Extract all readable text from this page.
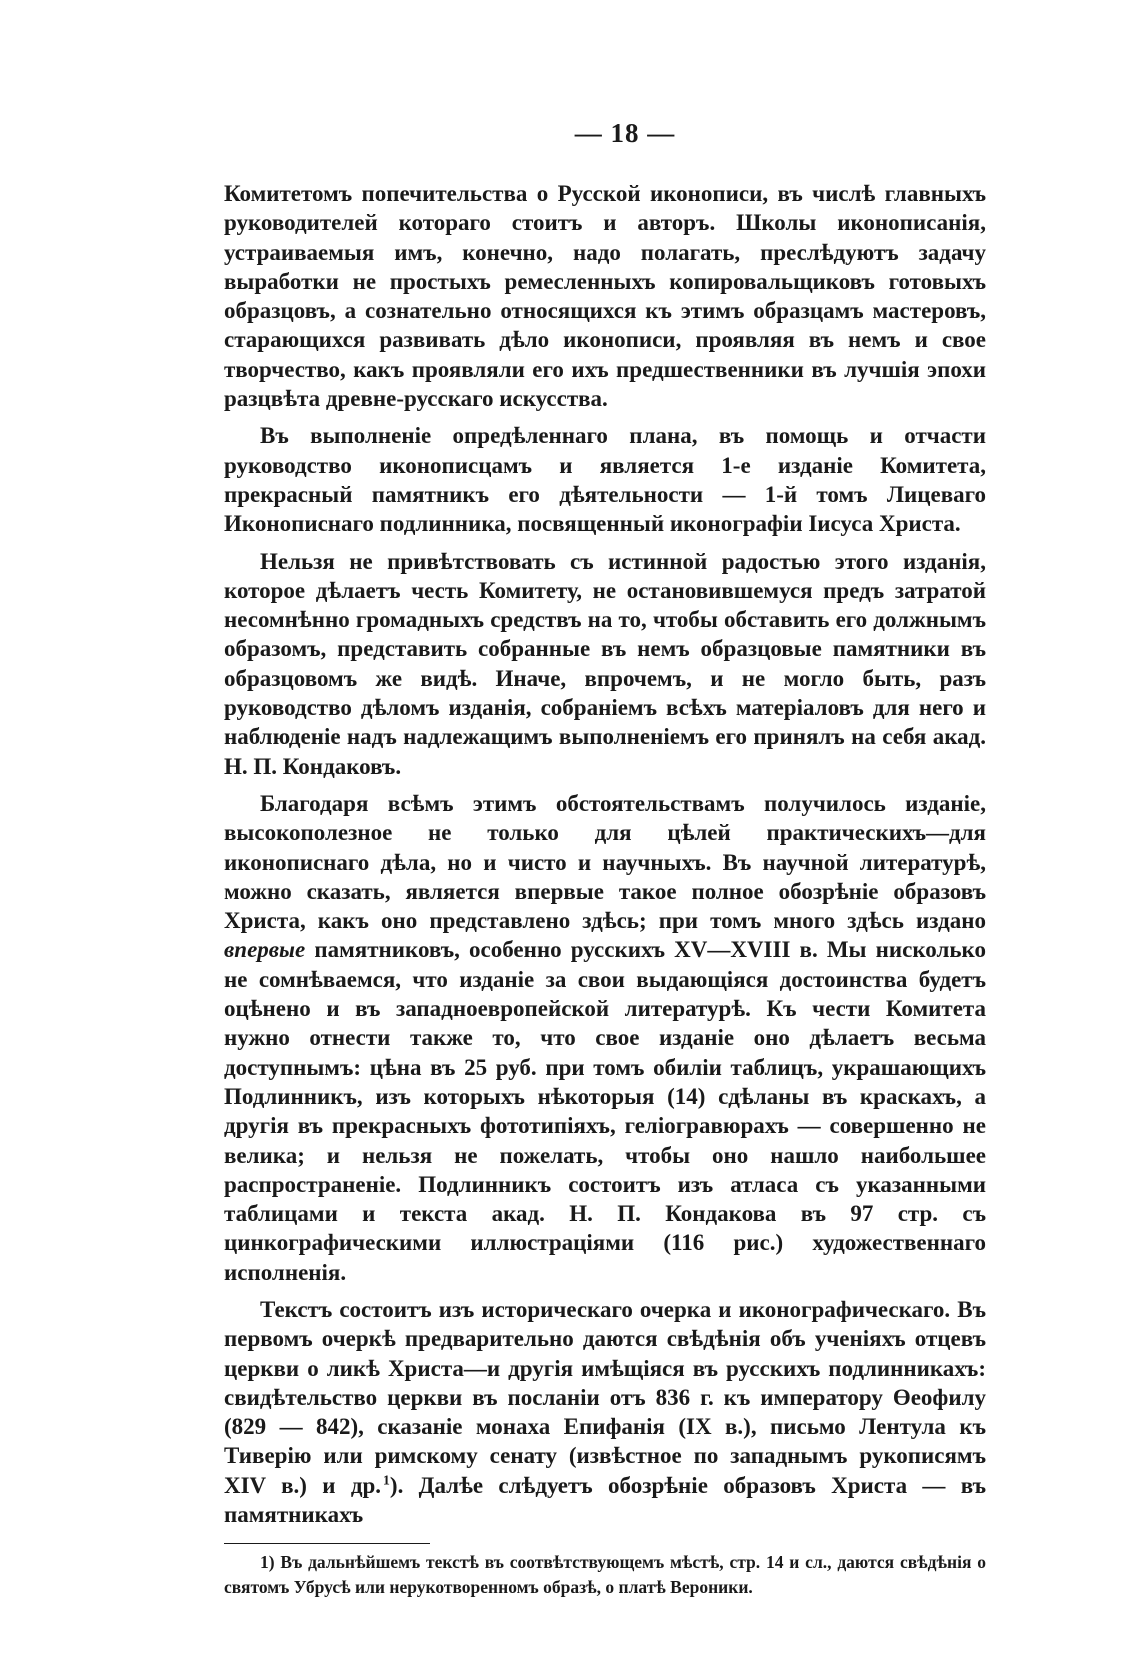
— 18 —

Комитетомъ попечительства о Русской иконописи, въ числѣ главныхъ руководителей котораго стоитъ и авторъ. Школы иконописанія, устраиваемыя имъ, конечно, надо полагать, преслѣдуютъ задачу выработки не простыхъ ремесленныхъ копировальщиковъ готовыхъ образцовъ, а сознательно относящихся къ этимъ образцамъ мастеровъ, старающихся развивать дѣло иконописи, проявляя въ немъ и свое творчество, какъ проявляли его ихъ предшественники въ лучшія эпохи разцвѣта древне-русскаго искусства.

Въ выполненіе опредѣленнаго плана, въ помощь и отчасти руководство иконописцамъ и является 1-е изданіе Комитета, прекрасный памятникъ его дѣятельности — 1-й томъ Лицеваго Иконописнаго подлинника, посвященный иконографіи Іисуса Христа.

Нельзя не привѣтствовать съ истинной радостью этого изданія, которое дѣлаетъ честь Комитету, не остановившемуся предъ затратой несомнѣнно громадныхъ средствъ на то, чтобы обставить его должнымъ образомъ, представить собранные въ немъ образцовые памятники въ образцовомъ же видѣ. Иначе, впрочемъ, и не могло быть, разъ руководство дѣломъ изданія, собраніемъ всѣхъ матеріаловъ для него и наблюденіе надъ надлежащимъ выполненіемъ его принялъ на себя акад. Н. П. Кондаковъ.

Благодаря всѣмъ этимъ обстоятельствамъ получилось изданіе, высокополезное не только для цѣлей практическихъ—для иконописнаго дѣла, но и чисто и научныхъ. Въ научной литературѣ, можно сказать, является впервые такое полное обозрѣніе образовъ Христа, какъ оно представлено здѣсь; при томъ много здѣсь издано впервые памятниковъ, особенно русскихъ XV—XVIII в. Мы нисколько не сомнѣваемся, что изданіе за свои выдающіяся достоинства будетъ оцѣнено и въ западноевропейской литературѣ. Къ чести Комитета нужно отнести также то, что свое изданіе оно дѣлаетъ весьма доступнымъ: цѣна въ 25 руб. при томъ обиліи таблицъ, украшающихъ Подлинникъ, изъ которыхъ нѣкоторыя (14) сдѣланы въ краскахъ, а другія въ прекрасныхъ фототипіяхъ, геліогравюрахъ — совершенно не велика; и нельзя не пожелать, чтобы оно нашло наибольшее распространеніе. Подлинникъ состоитъ изъ атласа съ указанными таблицами и текста акад. Н. П. Кондакова въ 97 стр. съ цинкографическими иллюстраціями (116 рис.) художественнаго исполненія.

Текстъ состоитъ изъ историческаго очерка и иконографическаго. Въ первомъ очеркѣ предварительно даются свѣдѣнія объ ученіяхъ отцевъ церкви о ликѣ Христа—и другія имѣщіяся въ русскихъ подлинникахъ: свидѣтельство церкви въ посланіи отъ 836 г. къ императору Өеофилу (829 — 842), сказаніе монаха Епифанія (IX в.), письмо Лентула къ Тиверію или римскому сенату (извѣстное по западнымъ рукописямъ XIV в.) и др.  $^1$). Далѣе слѣдуетъ обозрѣніе образовъ Христа — въ памятникахъ

1) Въ дальнѣйшемъ текстѣ въ соотвѣтствующемъ мѣстѣ, стр. 14 и сл., даются свѣдѣнія о святомъ Убрусѣ или нерукотворенномъ образѣ, о платѣ Вероники.
